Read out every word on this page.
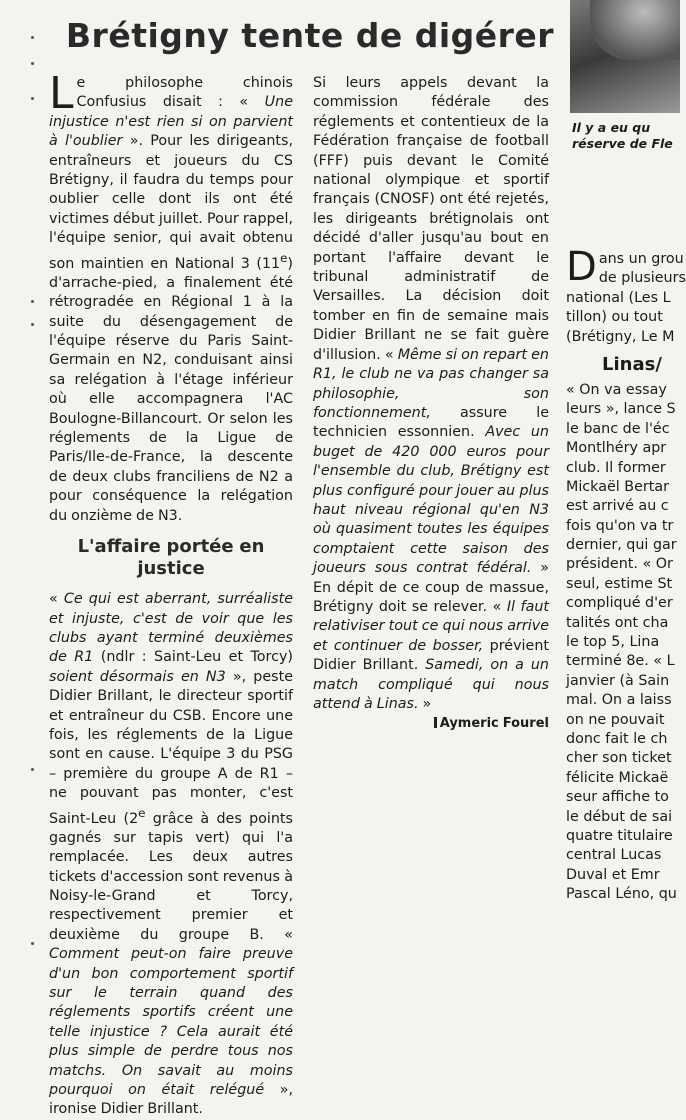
Brétigny tente de digérer

Le philosophe chinois Confusius disait : « Une injustice n'est rien si on parvient à l'oublier ». Pour les dirigeants, entraîneurs et joueurs du CS Brétigny, il faudra du temps pour oublier celle dont ils ont été victimes début juillet. Pour rappel, l'équipe senior, qui avait obtenu son maintien en National 3 (11e) d'arrache-pied, a finalement été rétrogradée en Régional 1 à la suite du désengagement de l'équipe réserve du Paris Saint-Germain en N2, conduisant ainsi sa relégation à l'étage inférieur où elle accompagnera l'AC Boulogne-Billancourt. Or selon les réglements de la Ligue de Paris/Ile-de-France, la descente de deux clubs franciliens de N2 a pour conséquence la relégation du onzième de N3.

L'affaire portée en justice

« Ce qui est aberrant, surréaliste et injuste, c'est de voir que les clubs ayant terminé deuxièmes de R1 (ndlr : Saint-Leu et Torcy) soient désormais en N3 », peste Didier Brillant, le directeur sportif et entraîneur du CSB. Encore une fois, les réglements de la Ligue sont en cause. L'équipe 3 du PSG – première du groupe A de R1 – ne pouvant pas monter, c'est Saint-Leu (2e grâce à des points gagnés sur tapis vert) qui l'a remplacée. Les deux autres tickets d'accession sont revenus à Noisy-le-Grand et Torcy, respectivement premier et deuxième du groupe B. « Comment peut-on faire preuve d'un bon comportement sportif sur le terrain quand des réglements sportifs créent une telle injustice ? Cela aurait été plus simple de perdre tous nos matchs. On savait au moins pourquoi on était relégué », ironise Didier Brillant.

Si leurs appels devant la commission fédérale des réglements et contentieux de la Fédération française de football (FFF) puis devant le Comité national olympique et sportif français (CNOSF) ont été rejetés, les dirigeants brétignolais ont décidé d'aller jusqu'au bout en portant l'affaire devant le tribunal administratif de Versailles. La décision doit tomber en fin de semaine mais Didier Brillant ne se fait guère d'illusion. « Même si on repart en R1, le club ne va pas changer sa philosophie, son fonctionnement, assure le technicien essonnien. Avec un buget de 420 000 euros pour l'ensemble du club, Brétigny est plus configuré pour jouer au plus haut niveau régional qu'en N3 où quasiment toutes les équipes comptaient cette saison des joueurs sous contrat fédéral. » En dépit de ce coup de massue, Brétigny doit se relever. « Il faut relativiser tout ce qui nous arrive et continuer de bosser, prévient Didier Brillant. Samedi, on a un match compliqué qui nous attend à Linas. »

Aymeric Fourel
Il y a eu qu
réserve de Fle
D ans un grou
de plusieurs
national (Les L
tillon) ou tout
(Brétigny, Le M
Linas/
« On va essay
leurs », lance S
le banc de l'éc
Montlhéry apr
club. Il former
Mickaël Bertar
est arrivé au c
fois qu'on va tr
dernier, qui gar
président. « Or
seul, estime St
compliqué d'er
talités ont cha
le top 5, Lina
terminé 8e. « L
janvier (à Sain
mal. On a laiss
on ne pouvait
donc fait le ch
cher son ticket
félicite Mickaë
seur affiche to
le début de sai
quatre titulaire
central Lucas
Duval et Emr
Pascal Léno, qu
